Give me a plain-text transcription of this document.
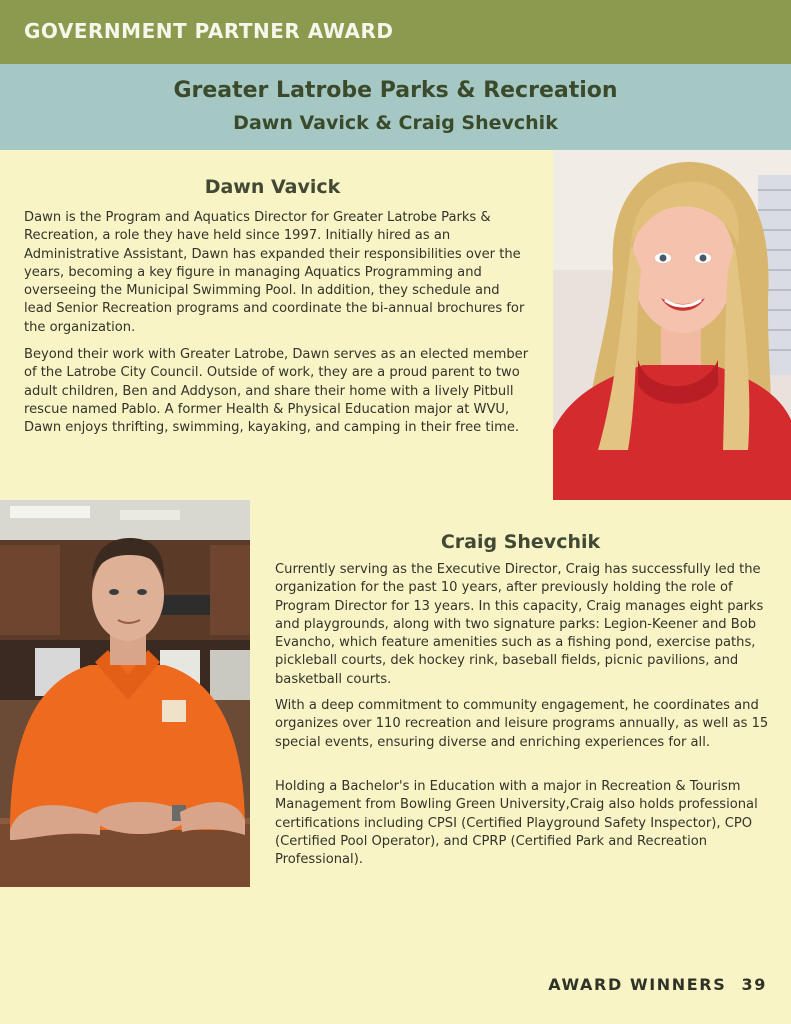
GOVERNMENT PARTNER AWARD
Greater Latrobe Parks & Recreation
Dawn Vavick & Craig Shevchik
Dawn Vavick
Dawn is the Program and Aquatics Director for Greater Latrobe Parks & Recreation, a role they have held since 1997. Initially hired as an Administrative Assistant, Dawn has expanded their responsibilities over the years, becoming a key figure in managing Aquatics Programming and overseeing the Municipal Swimming Pool. In addition, they schedule and lead Senior Recreation programs and coordinate the bi-annual brochures for the organization.
Beyond their work with Greater Latrobe, Dawn serves as an elected member of the Latrobe City Council. Outside of work, they are a proud parent to two adult children, Ben and Addyson, and share their home with a lively Pitbull rescue named Pablo. A former Health & Physical Education major at WVU, Dawn enjoys thrifting, swimming, kayaking, and camping in their free time.
Craig Shevchik
Currently serving as the Executive Director, Craig has successfully led the organization for the past 10 years, after previously holding the role of Program Director for 13 years. In this capacity, Craig manages eight parks and playgrounds, along with two signature parks: Legion-Keener and Bob Evancho, which feature amenities such as a fishing pond, exercise paths, pickleball courts, dek hockey rink, baseball fields, picnic pavilions, and basketball courts.
With a deep commitment to community engagement, he coordinates and organizes over 110 recreation and leisure programs annually, as well as 15 special events, ensuring diverse and enriching experiences for all.
Holding a Bachelor's in Education with a major in Recreation & Tourism Management from Bowling Green University,Craig also holds professional certifications including CPSI (Certified Playground Safety Inspector), CPO (Certified Pool Operator), and CPRP (Certified Park and Recreation Professional).
AWARD WINNERS 39
